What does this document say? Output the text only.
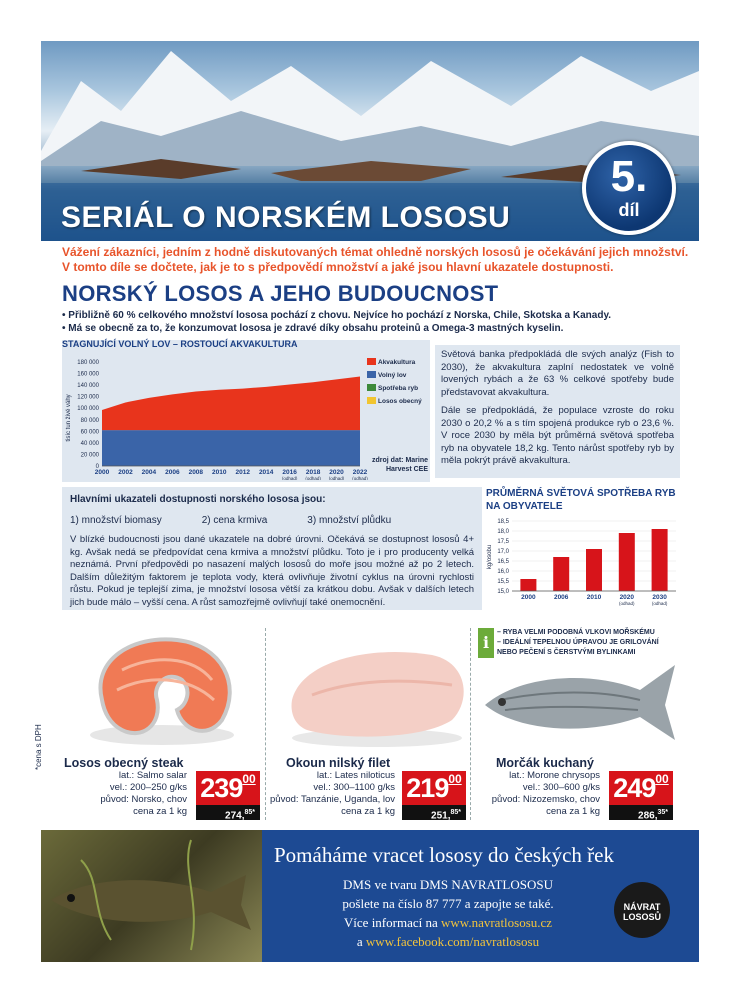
SERIÁL O NORSKÉM LOSOSU
5.
díl
Vážení zákazníci, jedním z hodně diskutovaných témat ohledně norských lososů je očekávání jejich množství. V tomto díle se dočtete, jak je to s předpovědí množství a jaké jsou hlavní ukazatele dostupnosti.
NORSKÝ LOSOS A JEHO BUDOUCNOST
• Přibližně 60 % celkového množství lososa pochází z chovu. Nejvíce ho pochází z Norska, Chile, Skotska a Kanady.
• Má se obecně za to, že konzumovat lososa je zdravé díky obsahu proteinů a Omega-3 mastných kyselin.
STAGNUJÍCÍ VOLNÝ LOV – ROSTOUCÍ AKVAKULTURA
0
20 000
40 000
60 000
80 000
100 000
120 000
140 000
160 000
180 000
tisíc tun živé váhy
2000 2002 2004 2006 2008 2010 2012 2014 2016
(odhad)
2018
(odhad)
2020
(odhad)
2022
(odhad)
Akvakultura
Volný lov
Spotřeba ryb
Losos obecný
zdroj dat: Marine Harvest CEE

Světová banka předpokládá dle svých analýz (Fish to 2030), že akvakultura zaplní nedostatek ve volně lovených rybách a že 63 % celkové spotřeby bude představovat akvakultura.

Dále se předpokládá, že populace vzroste do roku 2030 o 20,2 % a s tím spojená produkce ryb o 23,6 %. V roce 2030 by měla být průměrná světová spotřeba ryb na obyvatele 18,2 kg. Tento nárůst spotřeby ryb by měla pokrýt právě akvakultura.

Hlavními ukazateli dostupnosti norského lososa jsou:
1) množství biomasy	2) cena krmiva	3) množství plůdku
V blízké budoucnosti jsou dané ukazatele na dobré úrovni. Očekává se dostupnost lososů 4+ kg. Avšak nedá se předpovídat cena krmiva a množství plůdku. Toto je i pro producenty velká neznámá. První předpovědi po nasazení malých lososů do moře jsou možné až po 2 letech. Dalším důležitým faktorem je teplota vody, která ovlivňuje životní cyklus na úrovni rychlosti růstu. Pokud je teplejší zima, je množství lososa větší za krátkou dobu. Avšak v dalších letech jich bude málo – vyšší cena. A růst samozřejmě ovlivňují také onemocnění.
PRŮMĚRNÁ SVĚTOVÁ SPOTŘEBA RYB NA OBYVATELE
15,0
15,5
16,0
16,5
17,0
17,5
18,0
18,5
kg/osobu
2000	2006	2010	2020
(odhad)
2030
(odhad)
*cena s DPH
i
– RYBA VELMI PODOBNÁ VLKOVI MOŘSKÉMU
– IDEÁLNÍ TEPELNOU ÚPRAVOU JE GRILOVÁNÍ
NEBO PEČENÍ S ČERSTVÝMI BYLINKAMI
Losos obecný steak
lat.: Salmo salar
vel.: 200–250 g/ks
původ: Norsko, chov
cena za 1 kg
$239^{00}$
274,$^{85*}$
Okoun nilský filet
lat.: Lates niloticus
vel.: 300–1100 g/ks
původ: Tanzánie, Uganda, lov
cena za 1 kg
$219^{00}$
251,$^{85*}$
Morčák kuchaný
lat.: Morone chrysops
vel.: 300–600 g/ks
původ: Nizozemsko, chov
cena za 1 kg
$249^{00}$
286,$^{35*}$
Pomáháme vracet lososy do českých řek
DMS ve tvaru DMS NAVRATLOSOSU
pošlete na číslo 87 777 a zapojte se také.
Více informací na www.navratlososu.cz
a www.facebook.com/navratlososu
NÁVRAT
LOSOSŮ
